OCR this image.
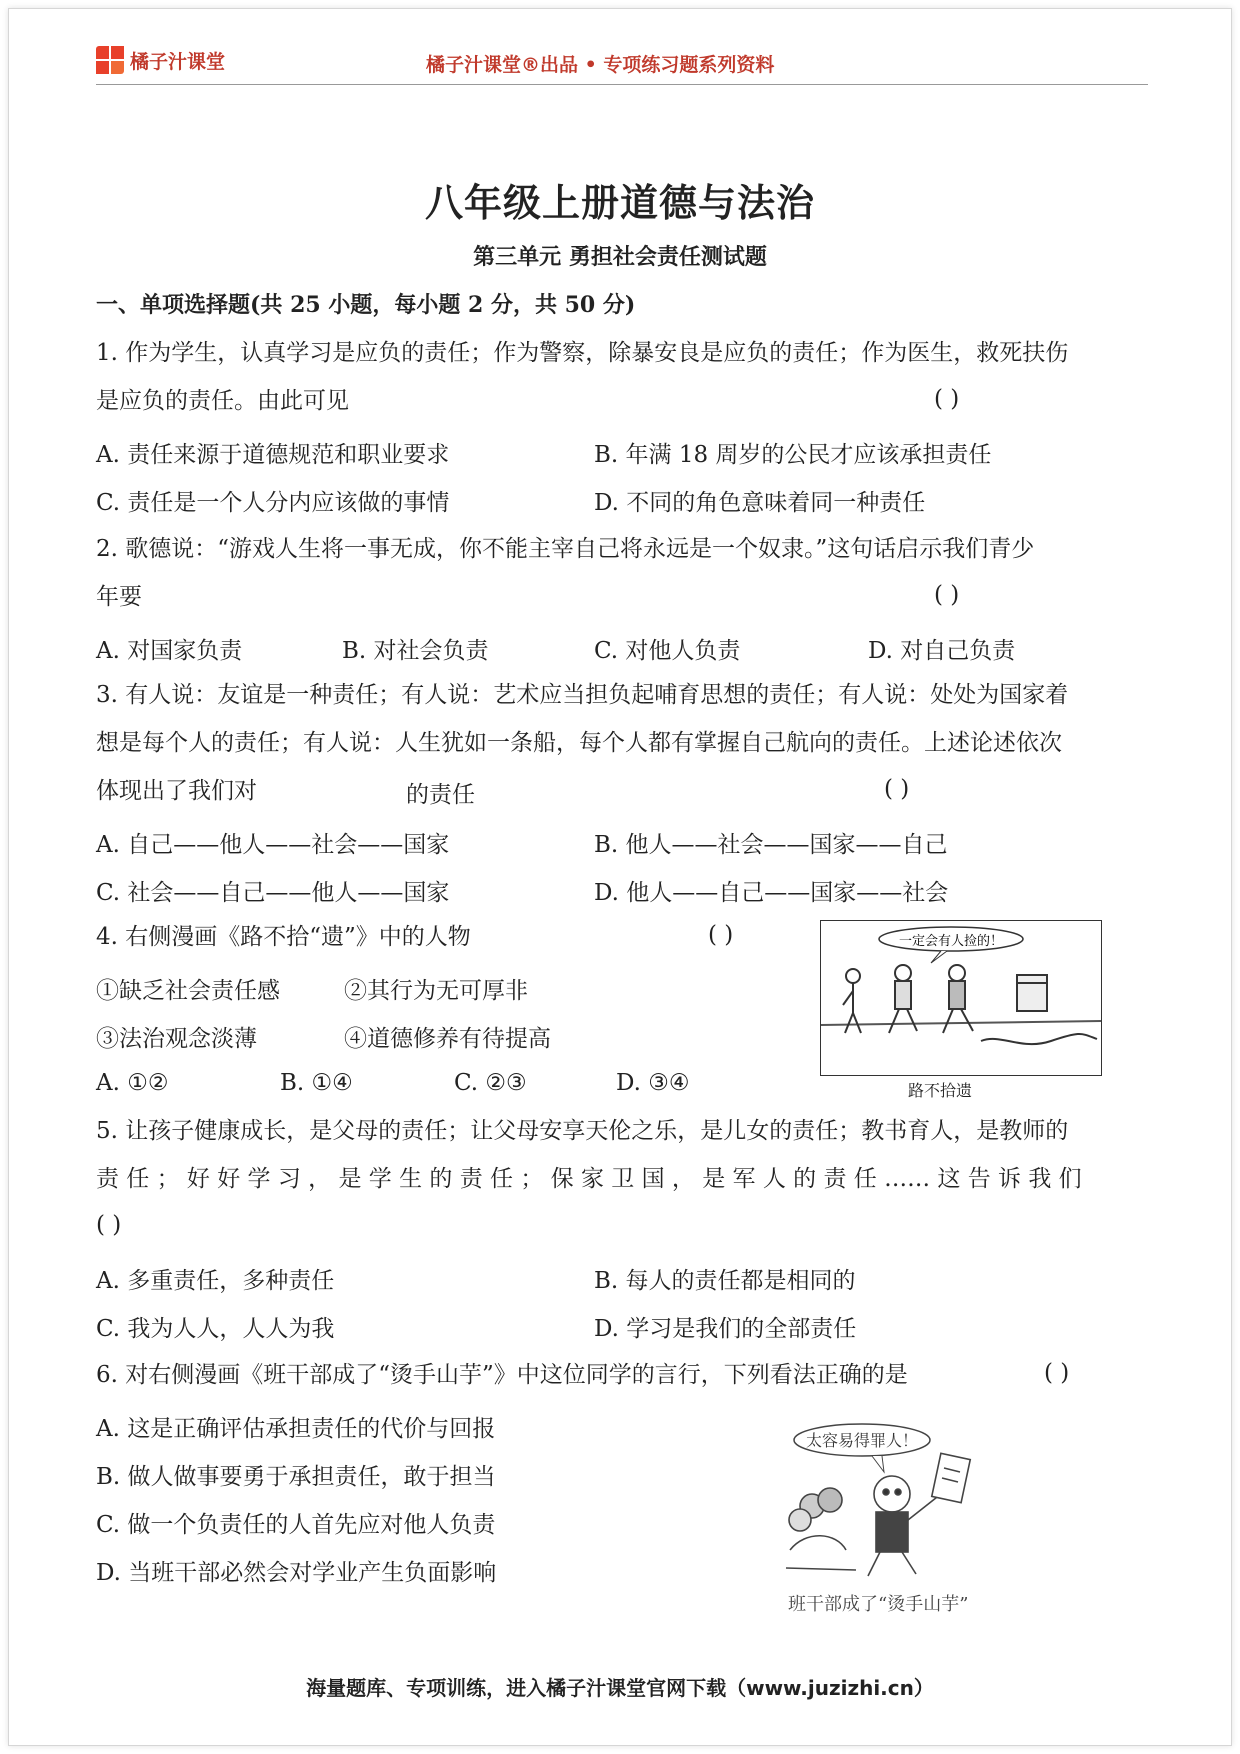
橘子汁课堂	橘子汁课堂®出品 • 专项练习题系列资料
八年级上册道德与法治
第三单元 勇担社会责任测试题
一、单项选择题(共 25 小题，每小题 2 分，共 50 分)
1. 作为学生，认真学习是应负的责任；作为警察，除暴安良是应负的责任；作为医生，救死扶伤
是应负的责任。由此可见	( )
A. 责任来源于道德规范和职业要求	B. 年满 18 周岁的公民才应该承担责任
C. 责任是一个人分内应该做的事情	D. 不同的角色意味着同一种责任
2. 歌德说：“游戏人生将一事无成，你不能主宰自己将永远是一个奴隶。”这句话启示我们青少
年要	( )
A. 对国家负责	B. 对社会负责	C. 对他人负责	D. 对自己负责
3. 有人说：友谊是一种责任；有人说：艺术应当担负起哺育思想的责任；有人说：处处为国家着
想是每个人的责任；有人说：人生犹如一条船，每个人都有掌握自己航向的责任。上述论述依次
体现出了我们对	的责任	( )
A. 自己——他人——社会——国家	B. 他人——社会——国家——自己
C. 社会——自己——他人——国家	D. 他人——自己——国家——社会
4. 右侧漫画《路不拾“遗”》中的人物	( )
①缺乏社会责任感	②其行为无可厚非
③法治观念淡薄	④道德修养有待提高
A. ①②	B. ①④	C. ②③	D. ③④
一定会有人捡的！
路不拾遗
5. 让孩子健康成长，是父母的责任；让父母安享天伦之乐，是儿女的责任；教书育人，是教师的
责 任 ； 好 好 学 习 ， 是 学 生 的 责 任 ； 保 家 卫 国 ， 是 军 人 的 责 任 …… 这 告 诉 我 们
( )
A. 多重责任，多种责任	B. 每人的责任都是相同的
C. 我为人人，人人为我	D. 学习是我们的全部责任
6. 对右侧漫画《班干部成了“烫手山芋”》中这位同学的言行，下列看法正确的是	( )
A. 这是正确评估承担责任的代价与回报
B. 做人做事要勇于承担责任，敢于担当
C. 做一个负责任的人首先应对他人负责
D. 当班干部必然会对学业产生负面影响
太容易得罪人！
班干部成了“烫手山芋”
海量题库、专项训练，进入橘子汁课堂官网下载（www.juzizhi.cn）
